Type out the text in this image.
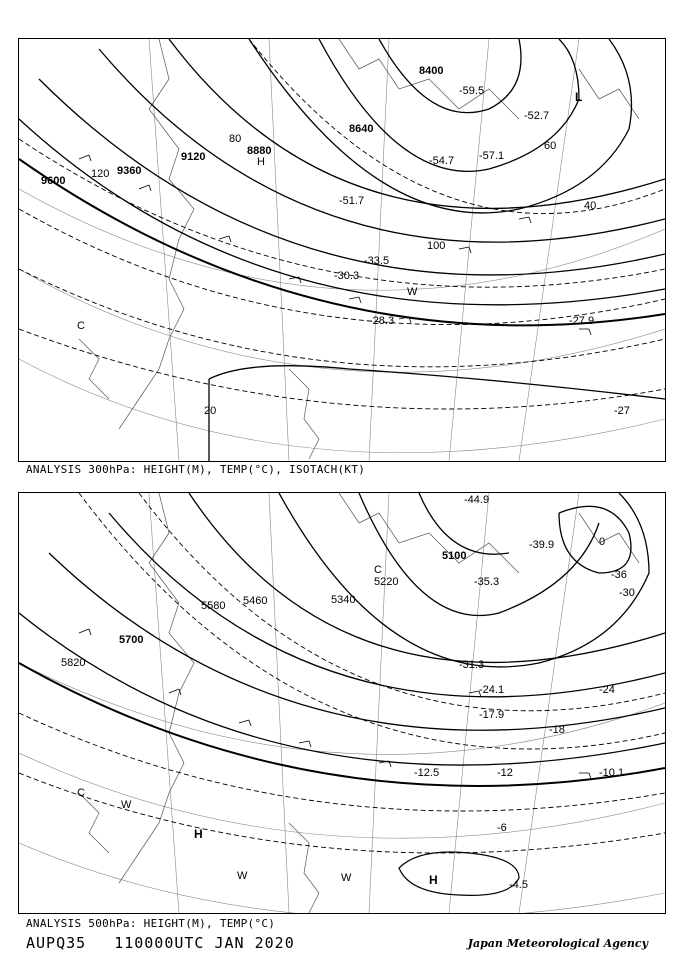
8400
8640
8880
9120
9360
9600
20
40
60
80
100
120
L
C
W
H
-59.5
-57.1
-54.7
-52.7
-51.7
-33.5
-30.3
-28.3	-27.9
-27
ANALYSIS 300hPa: HEIGHT(M), TEMP(°C), ISOTACH(KT)
5100
5220
5340
5460
5580
5700
5820
-36
-30
-24
-18
-12
-6
0
C
C
W
W	W
H
H
-44.9
-39.9
-35.3
-31.3
-24.1
-17.9
-12.5	-10.1
-4.5
ANALYSIS 500hPa: HEIGHT(M), TEMP(°C)
AUPQ35 110000UTC JAN 2020	Japan Meteorological Agency
